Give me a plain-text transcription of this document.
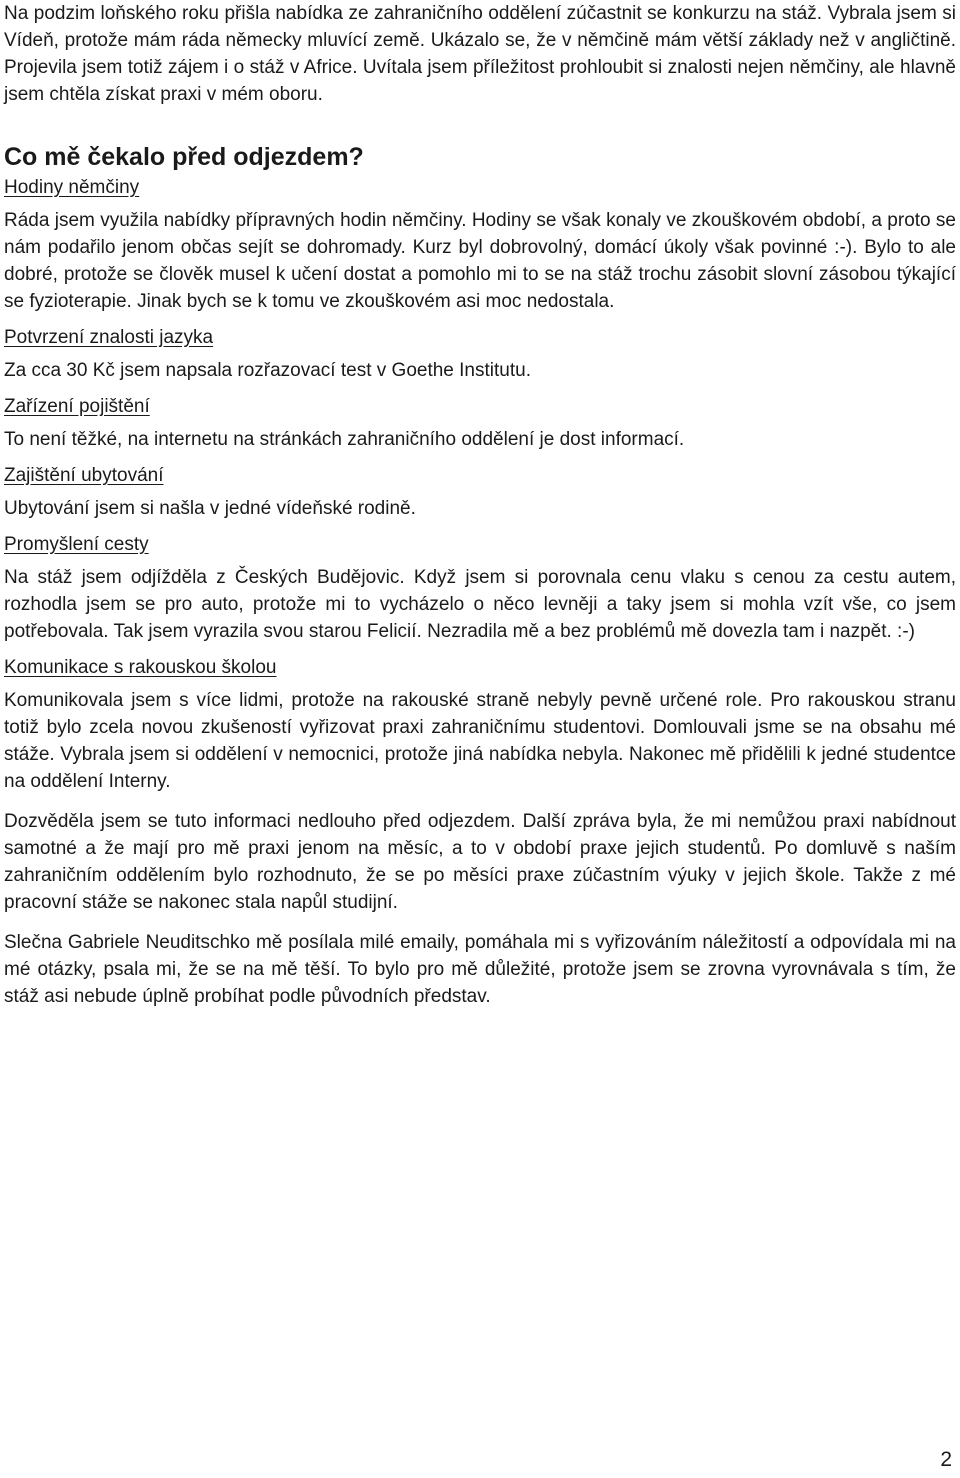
Na podzim loňského roku přišla nabídka ze zahraničního oddělení zúčastnit se konkurzu na stáž. Vybrala jsem si Vídeň, protože mám ráda německy mluvící země. Ukázalo se, že v němčině mám větší základy než v angličtině. Projevila jsem totiž zájem i o stáž v Africe. Uvítala jsem příležitost prohloubit si znalosti nejen němčiny, ale hlavně jsem chtěla získat praxi v mém oboru.

Co mě čekalo před odjezdem?
Hodiny němčiny

Ráda jsem využila nabídky přípravných hodin němčiny. Hodiny se však konaly ve zkouškovém období, a proto se nám podařilo jenom občas sejít se dohromady. Kurz byl dobrovolný, domácí úkoly však povinné :-). Bylo to ale dobré, protože se člověk musel k učení dostat a pomohlo mi to se na stáž trochu zásobit slovní zásobou týkající se fyzioterapie. Jinak bych se k tomu ve zkouškovém asi moc nedostala.

Potvrzení znalosti jazyka

Za cca 30 Kč jsem napsala rozřazovací test v Goethe Institutu.

Zařízení pojištění

To není těžké, na internetu na stránkách zahraničního oddělení je dost informací.

Zajištění ubytování

Ubytování jsem si našla v jedné vídeňské rodině.

Promyšlení cesty

Na stáž jsem odjížděla z Českých Budějovic. Když jsem si porovnala cenu vlaku s cenou za cestu autem, rozhodla jsem se pro auto, protože mi to vycházelo o něco levněji a taky jsem si mohla vzít vše, co jsem potřebovala. Tak jsem vyrazila svou starou Felicií. Nezradila mě a bez problémů mě dovezla tam i nazpět. :-)

Komunikace s rakouskou školou

Komunikovala jsem s více lidmi, protože na rakouské straně nebyly pevně určené role. Pro rakouskou stranu totiž bylo zcela novou zkušeností vyřizovat praxi zahraničnímu studentovi. Domlouvali jsme se na obsahu mé stáže. Vybrala jsem si oddělení v nemocnici, protože jiná nabídka nebyla. Nakonec mě přidělili k jedné studentce na oddělení Interny.

Dozvěděla jsem se tuto informaci nedlouho před odjezdem. Další zpráva byla, že mi nemůžou praxi nabídnout samotné a že mají pro mě praxi jenom na měsíc, a to v období praxe jejich studentů. Po domluvě s naším zahraničním oddělením bylo rozhodnuto, že se po měsíci praxe zúčastním výuky v jejich škole. Takže z mé pracovní stáže se nakonec stala napůl studijní.

Slečna Gabriele Neuditschko mě posílala milé emaily, pomáhala mi s vyřizováním náležitostí a odpovídala mi na mé otázky, psala mi, že se na mě těší. To bylo pro mě důležité, protože jsem se zrovna vyrovnávala s tím, že stáž asi nebude úplně probíhat podle původních představ.

2
